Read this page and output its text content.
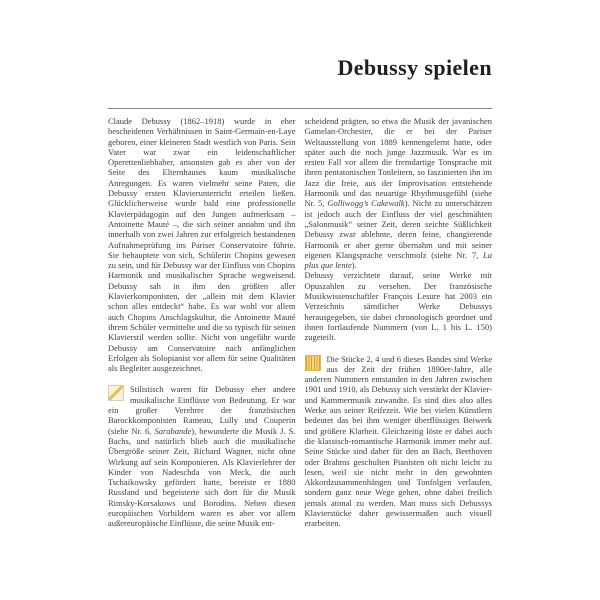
Debussy spielen

Claude Debussy (1862–1918) wurde in eher bescheidenen Verhältnissen in Saint-Germain-en-Laye geboren, einer kleineren Stadt westlich von Paris. Sein Vater war zwar ein leidenschaftlicher Operettenliebhaber, ansonsten gab es aber von der Seite des Elternhauses kaum musikalische Anregungen. Es waren vielmehr seine Paten, die Debussy ersten Klavierunterricht erteilen ließen. Glücklicherweise wurde bald eine professionelle Klavierpädagogin auf den Jungen aufmerksam – Antoinette Mauté –, die sich seiner annahm und ihn innerhalb von zwei Jahren zur erfolgreich bestandenen Aufnahmeprüfung ins Pariser Conservatoire führte. Sie behauptete von sich, Schülerin Chopins gewesen zu sein, und für Debussy war der Einfluss von Chopins Harmonik und musikalischer Sprache wegweisend. Debussy sah in ihm den größten aller Klavierkomponisten, der „allein mit dem Klavier schon alles entdeckt“ habe. Es war wohl vor allem auch Chopins Anschlagskultur, die Antoinette Mauté ihrem Schüler vermittelte und die so typisch für seinen Klavierstil werden sollte. Nicht von ungefähr wurde Debussy am Conservatoire nach anfänglichen Erfolgen als Solopianist vor allem für seine Qualitäten als Begleiter ausgezeichnet.

Stilistisch waren für Debussy eher andere musikalische Einflüsse von Bedeutung. Er war ein großer Verehrer der französischen Barockkomponisten Rameau, Lully und Couperin (siehe Nr. 6, Sarabande), bewunderte die Musik J. S. Bachs, und natürlich blieb auch die musikalische Übergröße seiner Zeit, Richard Wagner, nicht ohne Wirkung auf sein Komponieren. Als Klavierlehrer der Kinder von Nadeschda von Meck, die auch Tschaikowsky gefördert hatte, bereiste er 1880 Russland und begeisterte sich dort für die Musik Rimsky-Korsakows und Borodins. Neben diesen europäischen Vorbildern waren es aber vor allem außereuropäische Einflüsse, die seine Musik ent-

scheidend prägten, so etwa die Musik der javanischen Gamelan-Orchester, die er bei der Pariser Weltausstellung von 1889 kennengelernt hatte, oder später auch die noch junge Jazzmusik. War es im ersten Fall vor allem die fremdartige Tonsprache mit ihren pentatonischen Tonleitern, so faszinierten ihn im Jazz die freie, aus der Improvisation entstehende Harmonik und das neuartige Rhythmusgefühl (siehe Nr. 5, Golliwogg’s Cakewalk). Nicht zu unterschätzen ist jedoch auch der Einfluss der viel geschmähten „Salonmusik“ seiner Zeit, deren seichte Süßlichkeit Debussy zwar ablehnte, deren feine, changierende Harmonik er aber gerne übernahm und mit seiner eigenen Klangsprache verschmolz (siehe Nr. 7, La plus que lente).

Debussy verzichtete darauf, seine Werke mit Opuszahlen zu versehen. Der französische Musikwissenschaftler François Lesure hat 2003 ein Verzeichnis sämtlicher Werke Debussys herausgegeben, sie dabei chronologisch geordnet und ihnen fortlaufende Nummern (von L. 1 bis L. 150) zugeteilt.

Die Stücke 2, 4 und 6 dieses Bandes sind Werke aus der Zeit der frühen 1890er-Jahre, alle anderen Nummern entstanden in den Jahren zwischen 1901 und 1910, als Debussy sich verstärkt der Klavier- und Kammermusik zuwandte. Es sind dies also alles Werke aus seiner Reifezeit. Wie bei vielen Künstlern bedeutet das bei ihm weniger überflüssiges Beiwerk und größere Klarheit. Gleichzeitig löste er dabei auch die klassisch-romantische Harmonik immer mehr auf. Seine Stücke sind daher für den an Bach, Beethoven oder Brahms geschulten Pianisten oft nicht leicht zu lesen, weil sie nicht mehr in den gewohnten Akkordzusammenhängen und Tonfolgen verlaufen, sondern ganz neue Wege gehen, ohne dabei freilich jemals atonal zu werden. Man muss sich Debussys Klavierstücke daher gewissermaßen auch visuell erarbeiten.
